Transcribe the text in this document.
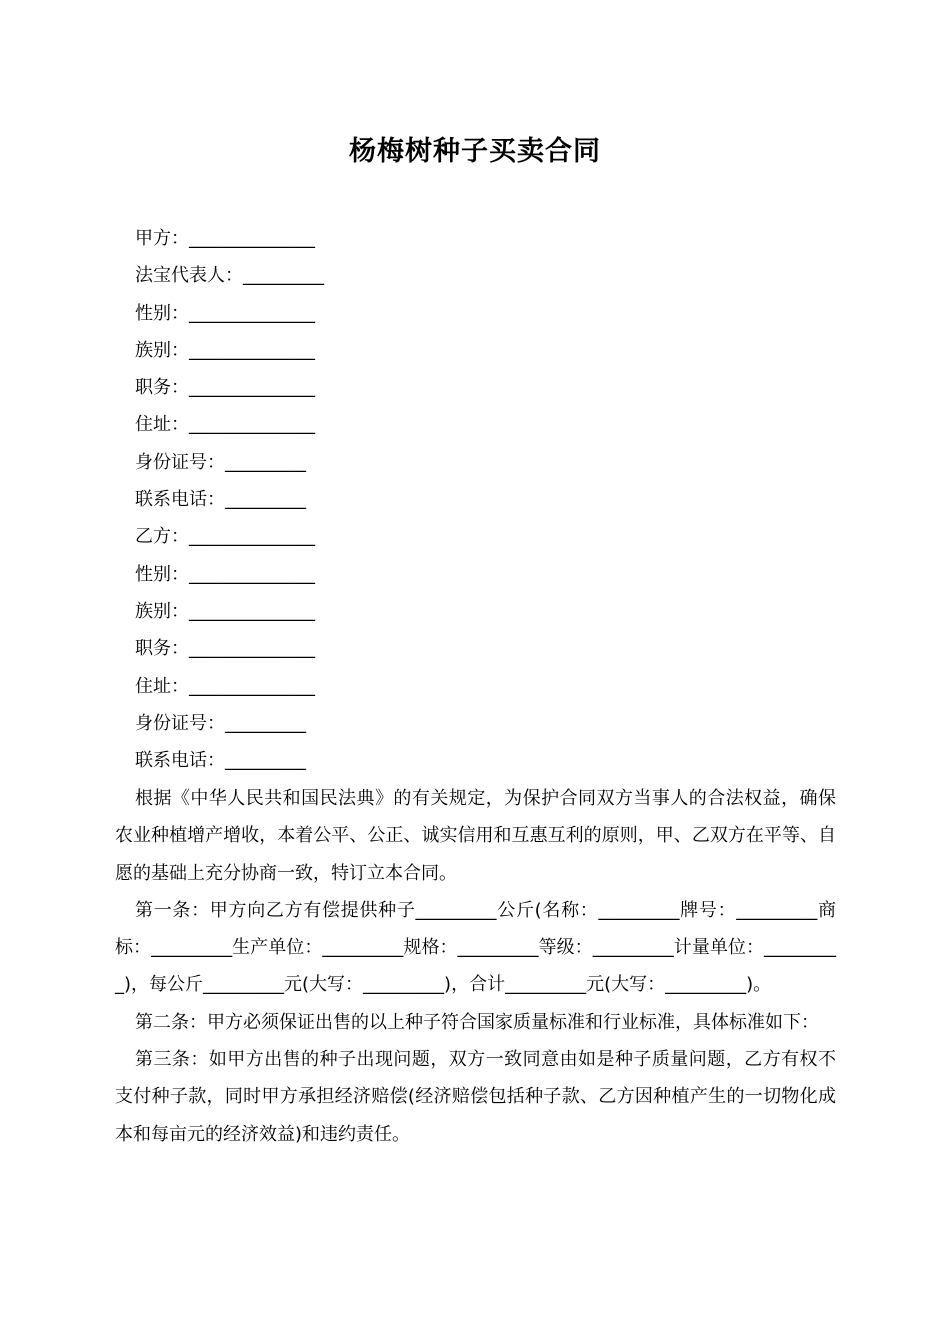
杨梅树种子买卖合同
甲方：______________
法宝代表人：_________
性别：______________
族别：______________
职务：______________
住址：______________
身份证号：_________
联系电话：_________
乙方：______________
性别：______________
族别：______________
职务：______________
住址：______________
身份证号：_________
联系电话：_________

根据《中华人民共和国民法典》的有关规定，为保护合同双方当事人的合法权益，确保农业种植增产增收，本着公平、公正、诚实信用和互惠互利的原则，甲、乙双方在平等、自愿的基础上充分协商一致，特订立本合同。

第一条：甲方向乙方有偿提供种子_________公斤(名称：_________牌号：_________商标：_________生产单位：_________规格：_________等级：_________计量单位：_________)，每公斤_________元(大写：_________)，合计_________元(大写：_________)。

第二条：甲方必须保证出售的以上种子符合国家质量标准和行业标准，具体标准如下：

第三条：如甲方出售的种子出现问题，双方一致同意由如是种子质量问题，乙方有权不支付种子款，同时甲方承担经济赔偿(经济赔偿包括种子款、乙方因种植产生的一切物化成本和每亩元的经济效益)和违约责任。
